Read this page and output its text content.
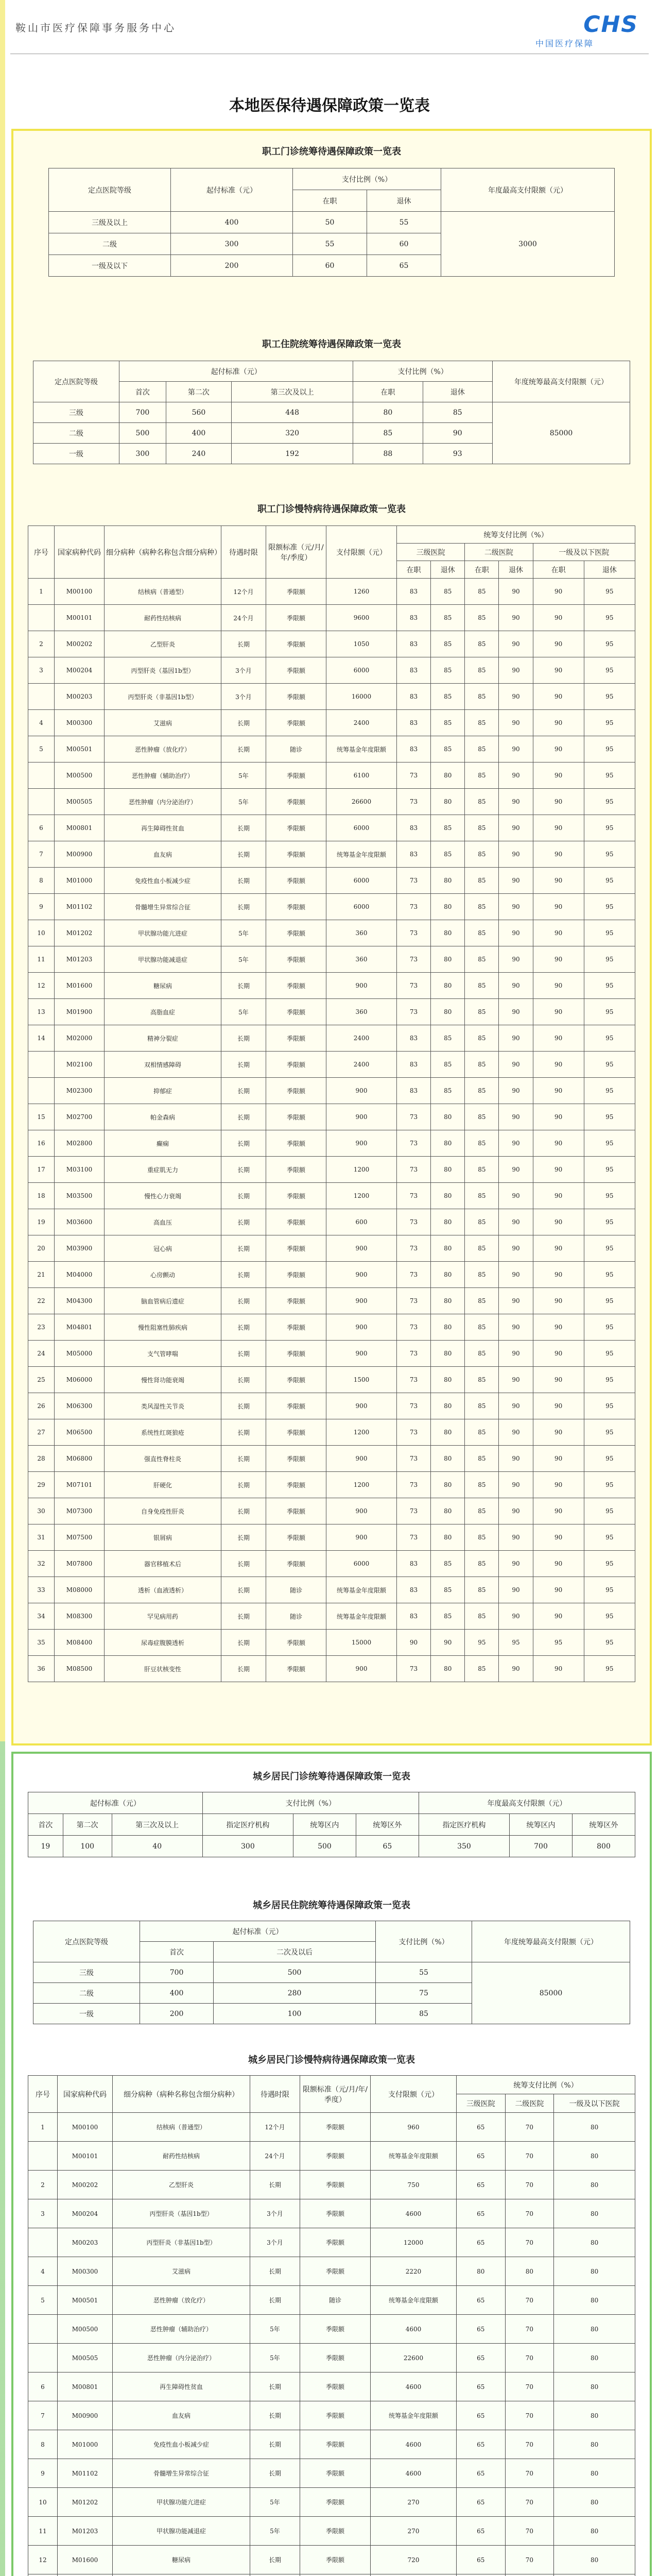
鞍山市医疗保障事务服务中心	CHS
中国医疗保障
本地医保待遇保障政策一览表
职工门诊统筹待遇保障政策一览表
定点医院等级	起付标准（元）	支付比例（%）		年度最高支付限额（元）
		在职	退休	
三级及以上	400	50	55	3000
二级	300	55	60	
一级及以下	200	60	65	
职工住院统筹待遇保障政策一览表
定点医院等级	起付标准（元）			支付比例（%）		年度统筹最高支付限额（元）
	首次	第二次	第三次及以上	在职	退休	
三级	700	560	448	80	85	85000
二级	500	400	320	85	90	
一级	300	240	192	88	93	
职工门诊慢特病待遇保障政策一览表
序号	国家病种代码	细分病种（病种名称包含细分病种）	待遇时限	限额标准（元/月/年/季度）	支付限额（元）	统筹支付比例（%）					
						三级医院		二级医院		一级及以下医院	
						在职	退休	在职	退休	在职	退休
1	M00100	结核病（普通型）	12个月	季限额	1260	83	85	85	90	90	95
	M00101	耐药性结核病	24个月	季限额	9600	83	85	85	90	90	95
2	M00202	乙型肝炎	长期	季限额	1050	83	85	85	90	90	95
3	M00204	丙型肝炎（基因1b型）	3个月	季限额	6000	83	85	85	90	90	95
	M00203	丙型肝炎（非基因1b型）	3个月	季限额	16000	83	85	85	90	90	95
4	M00300	艾滋病	长期	季限额	2400	83	85	85	90	90	95
5	M00501	恶性肿瘤（放化疗）	长期	随诊	统筹基金年度限额	83	85	85	90	90	95
	M00500	恶性肿瘤（辅助治疗）	5年	季限额	6100	73	80	85	90	90	95
	M00505	恶性肿瘤（内分泌治疗）	5年	季限额	26600	73	80	85	90	90	95
6	M00801	再生障碍性贫血	长期	季限额	6000	83	85	85	90	90	95
7	M00900	血友病	长期	季限额	统筹基金年度限额	83	85	85	90	90	95
8	M01000	免疫性血小板减少症	长期	季限额	6000	73	80	85	90	90	95
9	M01102	骨髓增生异常综合征	长期	季限额	6000	73	80	85	90	90	95
10	M01202	甲状腺功能亢进症	5年	季限额	360	73	80	85	90	90	95
11	M01203	甲状腺功能减退症	5年	季限额	360	73	80	85	90	90	95
12	M01600	糖尿病	长期	季限额	900	73	80	85	90	90	95
13	M01900	高脂血症	5年	季限额	360	73	80	85	90	90	95
14	M02000	精神分裂症	长期	季限额	2400	83	85	85	90	90	95
	M02100	双相情感障碍	长期	季限额	2400	83	85	85	90	90	95
	M02300	抑郁症	长期	季限额	900	83	85	85	90	90	95
15	M02700	帕金森病	长期	季限额	900	73	80	85	90	90	95
16	M02800	癫痫	长期	季限额	900	73	80	85	90	90	95
17	M03100	重症肌无力	长期	季限额	1200	73	80	85	90	90	95
18	M03500	慢性心力衰竭	长期	季限额	1200	73	80	85	90	90	95
19	M03600	高血压	长期	季限额	600	73	80	85	90	90	95
20	M03900	冠心病	长期	季限额	900	73	80	85	90	90	95
21	M04000	心房颤动	长期	季限额	900	73	80	85	90	90	95
22	M04300	脑血管病后遗症	长期	季限额	900	73	80	85	90	90	95
23	M04801	慢性阻塞性肺疾病	长期	季限额	900	73	80	85	90	90	95
24	M05000	支气管哮喘	长期	季限额	900	73	80	85	90	90	95
25	M06000	慢性肾功能衰竭	长期	季限额	1500	73	80	85	90	90	95
26	M06300	类风湿性关节炎	长期	季限额	900	73	80	85	90	90	95
27	M06500	系统性红斑狼疮	长期	季限额	1200	73	80	85	90	90	95
28	M06800	强直性脊柱炎	长期	季限额	900	73	80	85	90	90	95
29	M07101	肝硬化	长期	季限额	1200	73	80	85	90	90	95
30	M07300	自身免疫性肝炎	长期	季限额	900	73	80	85	90	90	95
31	M07500	银屑病	长期	季限额	900	73	80	85	90	90	95
32	M07800	器官移植术后	长期	季限额	6000	83	85	85	90	90	95
33	M08000	透析（血液透析）	长期	随诊	统筹基金年度限额	83	85	85	90	90	95
34	M08300	罕见病用药	长期	随诊	统筹基金年度限额	83	85	85	90	90	95
35	M08400	尿毒症腹膜透析	长期	季限额	15000	90	90	95	95	95	95
36	M08500	肝豆状核变性	长期	季限额	900	73	80	85	90	90	95
城乡居民门诊统筹待遇保障政策一览表
起付标准（元）			支付比例（%）			年度最高支付限额（元）		
首次	第二次	第三次及以上	指定医疗机构	统筹区内	统筹区外	指定医疗机构	统筹区内	统筹区外
19	100	40	300	500	65	350	700	800
城乡居民住院统筹待遇保障政策一览表
定点医院等级	起付标准（元）		支付比例（%）	年度统筹最高支付限额（元）
	首次	二次及以后		
三级	700	500	55	85000
二级	400	280	75	
一级	200	100	85	
城乡居民门诊慢特病待遇保障政策一览表
序号	国家病种代码	细分病种（病种名称包含细分病种）	待遇时限	限额标准（元/月/年/季度）	支付限额（元）	统筹支付比例（%）		
						三级医院	二级医院	一级及以下医院
1	M00100	结核病（普通型）	12个月	季限额	960	65	70	80
	M00101	耐药性结核病	24个月	季限额	统筹基金年度限额	65	70	80
2	M00202	乙型肝炎	长期	季限额	750	65	70	80
3	M00204	丙型肝炎（基因1b型）	3个月	季限额	4600	65	70	80
	M00203	丙型肝炎（非基因1b型）	3个月	季限额	12000	65	70	80
4	M00300	艾滋病	长期	季限额	2220	80	80	80
5	M00501	恶性肿瘤（放化疗）	长期	随诊	统筹基金年度限额	65	70	80
	M00500	恶性肿瘤（辅助治疗）	5年	季限额	4600	65	70	80
	M00505	恶性肿瘤（内分泌治疗）	5年	季限额	22600	65	70	80
6	M00801	再生障碍性贫血	长期	季限额	4600	65	70	80
7	M00900	血友病	长期	季限额	统筹基金年度限额	65	70	80
8	M01000	免疫性血小板减少症	长期	季限额	4600	65	70	80
9	M01102	骨髓增生异常综合征	长期	季限额	4600	65	70	80
10	M01202	甲状腺功能亢进症	5年	季限额	270	65	70	80
11	M01203	甲状腺功能减退症	5年	季限额	270	65	70	80
12	M01600	糖尿病	长期	季限额	720	65	70	80
